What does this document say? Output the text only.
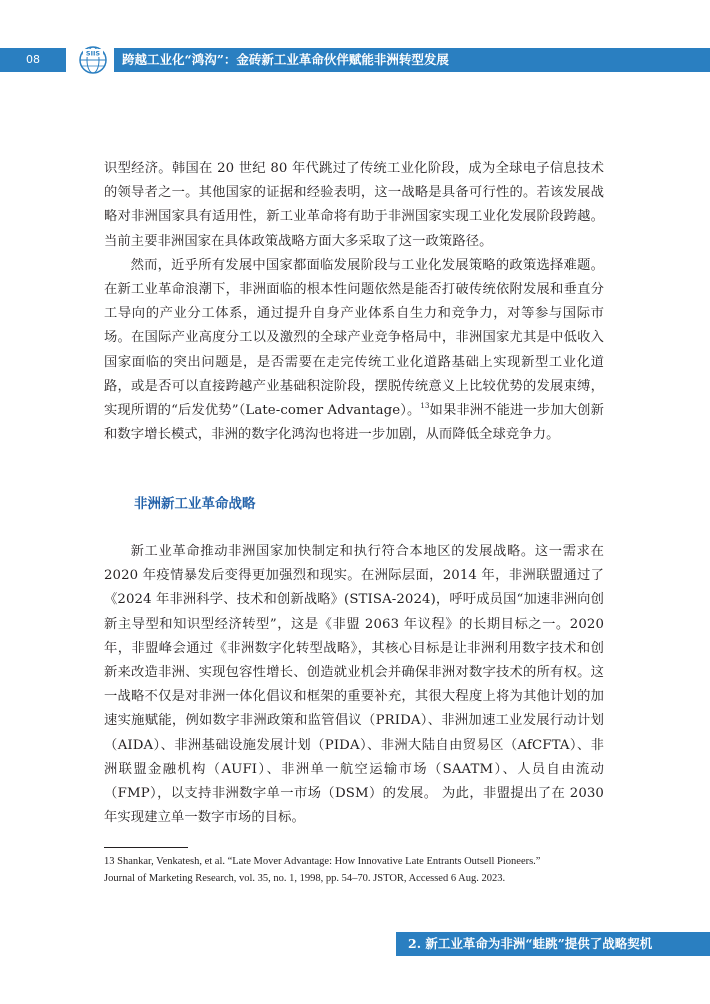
08	SIIS	跨越工业化“鸿沟”：金砖新工业革命伙伴赋能非洲转型发展

识型经济。韩国在 20 世纪 80 年代跳过了传统工业化阶段，成为全球电子信息技术的领导者之一。其他国家的证据和经验表明，这一战略是具备可行性的。若该发展战略对非洲国家具有适用性，新工业革命将有助于非洲国家实现工业化发展阶段跨越。当前主要非洲国家在具体政策战略方面大多采取了这一政策路径。

然而，近乎所有发展中国家都面临发展阶段与工业化发展策略的政策选择难题。在新工业革命浪潮下，非洲面临的根本性问题依然是能否打破传统依附发展和垂直分工导向的产业分工体系，通过提升自身产业体系自生力和竞争力，对等参与国际市场。在国际产业高度分工以及激烈的全球产业竞争格局中，非洲国家尤其是中低收入国家面临的突出问题是，是否需要在走完传统工业化道路基础上实现新型工业化道路，或是否可以直接跨越产业基础积淀阶段，摆脱传统意义上比较优势的发展束缚，实现所谓的“后发优势”（Late-comer Advantage）。$^{13}$如果非洲不能进一步加大创新和数字增长模式，非洲的数字化鸿沟也将进一步加剧，从而降低全球竞争力。

非洲新工业革命战略

新工业革命推动非洲国家加快制定和执行符合本地区的发展战略。这一需求在 2020 年疫情暴发后变得更加强烈和现实。在洲际层面，2014 年，非洲联盟通过了《2024 年非洲科学、技术和创新战略》(STISA-2024)，呼吁成员国“加速非洲向创新主导型和知识型经济转型”，这是《非盟 2063 年议程》的长期目标之一。2020 年，非盟峰会通过《非洲数字化转型战略》，其核心目标是让非洲利用数字技术和创新来改造非洲、实现包容性增长、创造就业机会并确保非洲对数字技术的所有权。这一战略不仅是对非洲一体化倡议和框架的重要补充，其很大程度上将为其他计划的加速实施赋能，例如数字非洲政策和监管倡议（PRIDA）、非洲加速工业发展行动计划（AIDA）、非洲基础设施发展计划（PIDA）、非洲大陆自由贸易区（AfCFTA）、非洲联盟金融机构（AUFI）、非洲单一航空运输市场（SAATM）、人员自由流动（FMP），以支持非洲数字单一市场（DSM）的发展。 为此，非盟提出了在 2030 年实现建立单一数字市场的目标。

13 Shankar, Venkatesh, et al. “Late Mover Advantage: How Innovative Late Entrants Outsell Pioneers.”

Journal of Marketing Research, vol. 35, no. 1, 1998, pp. 54–70. JSTOR, Accessed 6 Aug. 2023.

2. 新工业革命为非洲“蛙跳”提供了战略契机
